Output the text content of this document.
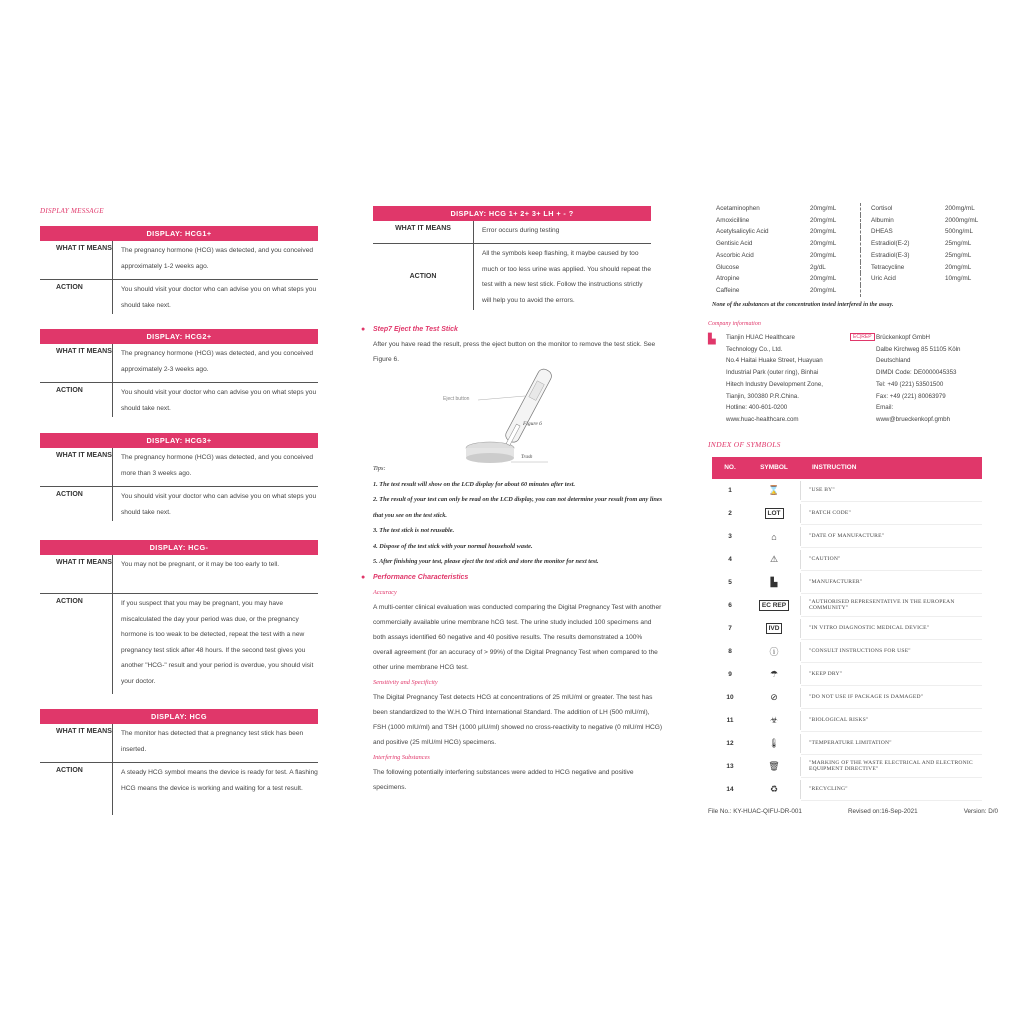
DISPLAY MESSAGE
DISPLAY: HCG1+
WHAT IT MEANS	The pregnancy hormone (HCG) was detected, and you conceived approximately 1-2 weeks ago.
ACTION	You should visit your doctor who can advise you on what steps you should take next.
DISPLAY: HCG2+
WHAT IT MEANS	The pregnancy hormone (HCG) was detected, and you conceived approximately 2-3 weeks ago.
ACTION	You should visit your doctor who can advise you on what steps you should take next.
DISPLAY: HCG3+
WHAT IT MEANS	The pregnancy hormone (HCG) was detected, and you conceived more than 3 weeks ago.
ACTION	You should visit your doctor who can advise you on what steps you should take next.
DISPLAY: HCG-
WHAT IT MEANS	You may not be pregnant, or it may be too early to tell.
ACTION	If you suspect that you may be pregnant, you may have miscalculated the day your period was due, or the pregnancy hormone is too weak to be detected, repeat the test with a new pregnancy test stick after 48 hours. If the second test gives you another "HCG-" result and your period is overdue, you should visit your doctor.
DISPLAY: HCG
WHAT IT MEANS	The monitor has detected that a pregnancy test stick has been inserted.
ACTION	A steady HCG symbol means the device is ready for test. A flashing HCG means the device is working and waiting for a test result.
DISPLAY: HCG 1+ 2+ 3+ LH + - ?
WHAT IT MEANS	Error occurs during testing
ACTION
All the symbols keep flashing, it maybe caused by too much or too less urine was applied. You should repeat the test with a new test stick. Follow the instructions strictly will help you to avoid the errors.
● Step7 Eject the Test Stick
After you have read the result, press the eject button on the monitor to remove the test stick. See Figure 6.
Eject button
Figure 6
Trash
Tips:
1. The test result will show on the LCD display for about 60 minutes after test.
2. The result of your test can only be read on the LCD display, you can not determine your result from any lines that you see on the test stick.
3. The test stick is not reusable.
4. Dispose of the test stick with your normal household waste.
5. After finishing your test, please eject the test stick and store the monitor for next test.
● Performance Characteristics
Accuracy
A multi-center clinical evaluation was conducted comparing the Digital Pregnancy Test with another commercially available urine membrane hCG test. The urine study included 100 specimens and both assays identified 60 negative and 40 positive results. The results demonstrated a 100% overall agreement (for an accuracy of > 99%) of the Digital Pregnancy Test when compared to the other urine membrane HCG test.
Sensitivity and Specificity
The Digital Pregnancy Test detects HCG at concentrations of 25 mIU/ml or greater. The test has been standardized to the W.H.O Third International Standard. The addition of LH (500 mIU/ml), FSH (1000 mIU/ml) and TSH (1000 μIU/ml) showed no cross-reactivity to negative (0 mIU/ml HCG) and positive (25 mIU/ml HCG) specimens.
Interfering Substances
The following potentially interfering substances were added to HCG negative and positive specimens.
Acetaminophen	20mg/mL	Cortisol	200mg/mL
Amoxicilline	20mg/mL	Albumin	2000mg/mL
Acetylsalicylic Acid	20mg/mL	DHEAS	500ng/mL
Gentisic Acid	20mg/mL	Estradiol(E-2)	25mg/mL
Ascorbic Acid	20mg/mL	Estradiol(E-3)	25mg/mL
Glucose	2g/dL	Tetracycline	20mg/mL
Atropine	20mg/mL	Uric Acid	10mg/mL
Caffeine	20mg/mL
None of the substances at the concentration tested interfered in the assay.
Company information
▙ Tianjin HUAC Healthcare
Technology Co., Ltd.
No.4 Haitai Huake Street, Huayuan
Industrial Park (outer ring), Binhai
Hitech Industry Development Zone,
Tianjin, 300380 P.R.China.
Hotline: 400-601-0200
www.huac-healthcare.com
EC|REP Brückenkopf GmbH
Dalbe Kirchweg 85 51105 Köln
Deutschland
DIMDI Code: DE0000045353
Tel: +49 (221) 53501500
Fax: +49 (221) 80063979
Email:
www@brueckenkopf.gmbh
INDEX OF SYMBOLS
NO.	SYMBOL	INSTRUCTION
1	⌛	"USE BY"
2	LOT	"BATCH CODE"
3	⌂	"DATE OF MANUFACTURE"
4	⚠	"CAUTION"
5	▙	"MANUFACTURER"
6	EC REP	"AUTHORISED REPRESENTATIVE IN THE EUROPEAN COMMUNITY"
7	IVD	"IN VITRO DIAGNOSTIC MEDICAL DEVICE"
8	ⓘ	"CONSULT INSTRUCTIONS FOR USE"
9	☂	"KEEP DRY"
10	⊘	"DO NOT USE IF PACKAGE IS DAMAGED"
11	☣	"BIOLOGICAL RISKS"
12	🌡	"TEMPERATURE LIMITATION"
13	🗑	"MARKING OF THE WASTE ELECTRICAL AND ELECTRONIC EQUIPMENT DIRECTIVE"
14	♻	"RECYCLING"
File No.: KY-HUAC-QIFU-DR-001	Revised on:16-Sep-2021	Version: D/0
